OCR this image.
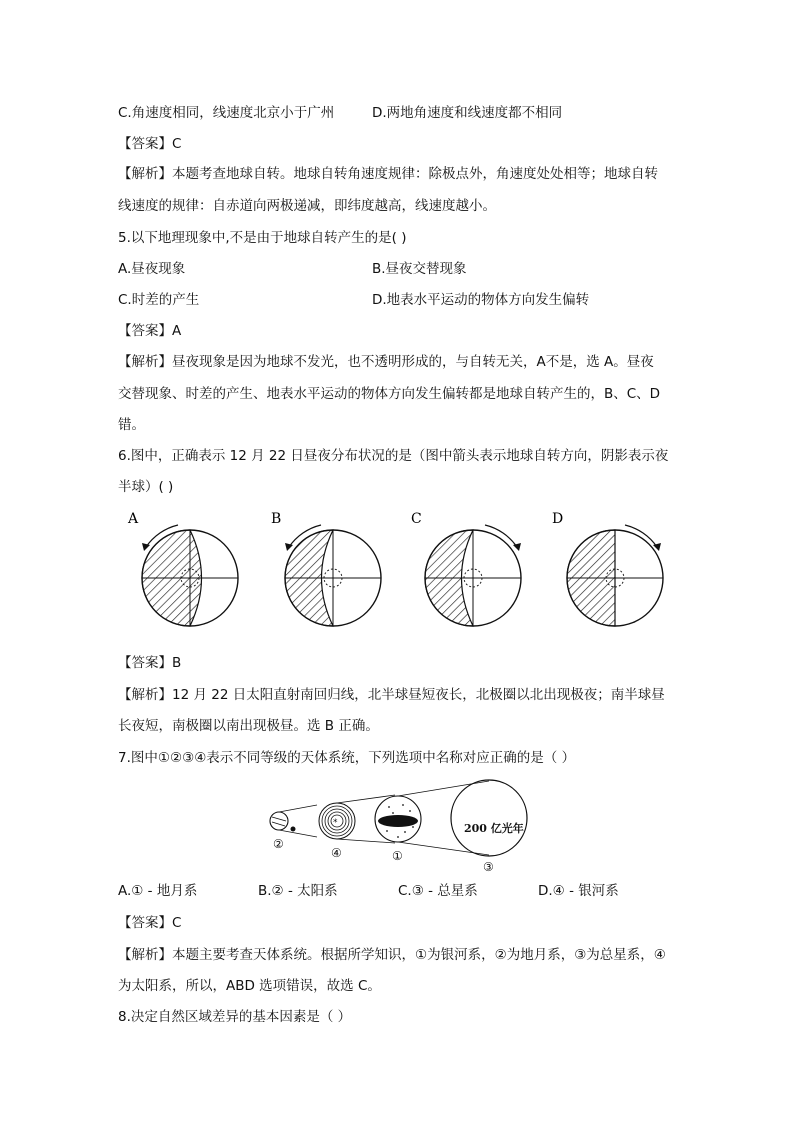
C.角速度相同，线速度北京小于广州	D.两地角速度和线速度都不相同
【答案】C
【解析】本题考查地球自转。地球自转角速度规律：除极点外，角速度处处相等；地球自转
线速度的规律：自赤道向两极递减，即纬度越高，线速度越小。
5.以下地理现象中,不是由于地球自转产生的是( )
A.昼夜现象	B.昼夜交替现象
C.时差的产生	D.地表水平运动的物体方向发生偏转
【答案】A
【解析】昼夜现象是因为地球不发光，也不透明形成的，与自转无关，A不是，选 A。昼夜
交替现象、时差的产生、地表水平运动的物体方向发生偏转都是地球自转产生的，B、C、D
错。
6.图中，正确表示 12 月 22 日昼夜分布状况的是（图中箭头表示地球自转方向，阴影表示夜
半球）( )
A	B	C	D
【答案】B
【解析】12 月 22 日太阳直射南回归线，北半球昼短夜长，北极圈以北出现极夜；南半球昼
长夜短，南极圈以南出现极昼。选 B 正确。
7.图中①②③④表示不同等级的天体系统，下列选项中名称对应正确的是（ ）
*	200 亿光年
②
④	①
③
A.① - 地月系	B.② - 太阳系	C.③ - 总星系	D.④ - 银河系
【答案】C
【解析】本题主要考查天体系统。根据所学知识，①为银河系，②为地月系，③为总星系，④
为太阳系，所以，ABD 选项错误，故选 C。
8.决定自然区域差异的基本因素是（ ）
